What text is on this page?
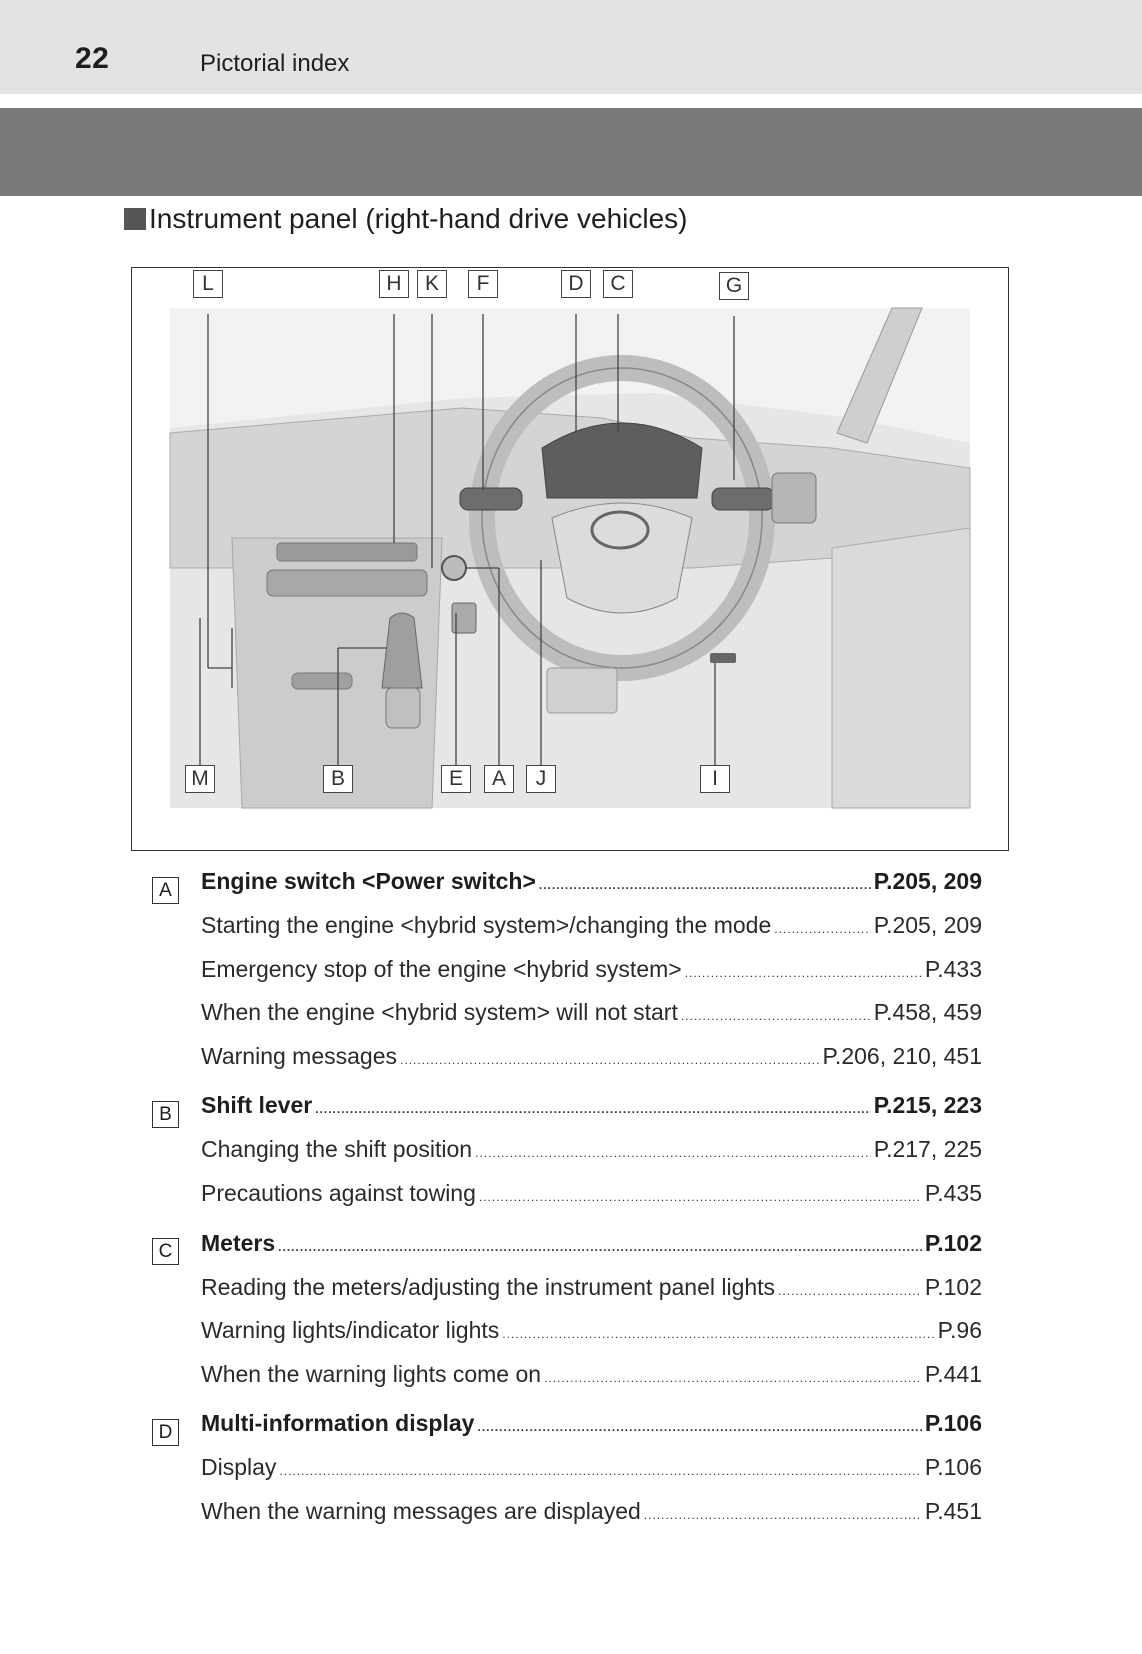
22	Pictorial index
Instrument panel (right-hand drive vehicles)
L	H	K	F	D	C	G
M	B	E	A	J	I
A	Engine switch <Power switch> .....	P.205, 209
Starting the engine <hybrid system>/changing the mode .....	P.205, 209
Emergency stop of the engine <hybrid system> .....	P.433
When the engine <hybrid system> will not start .....	P.458, 459
Warning messages .....	P.206, 210, 451
B	Shift lever .....	P.215, 223
Changing the shift position .....	P.217, 225
Precautions against towing .....	P.435
C Meters .....	P.102
Reading the meters/adjusting the instrument panel lights .....	P.102
Warning lights/indicator lights .....	P.96
When the warning lights come on .....	P.441
D Multi-information display .....	P.106
Display .....	P.106
When the warning messages are displayed .....	P.451
